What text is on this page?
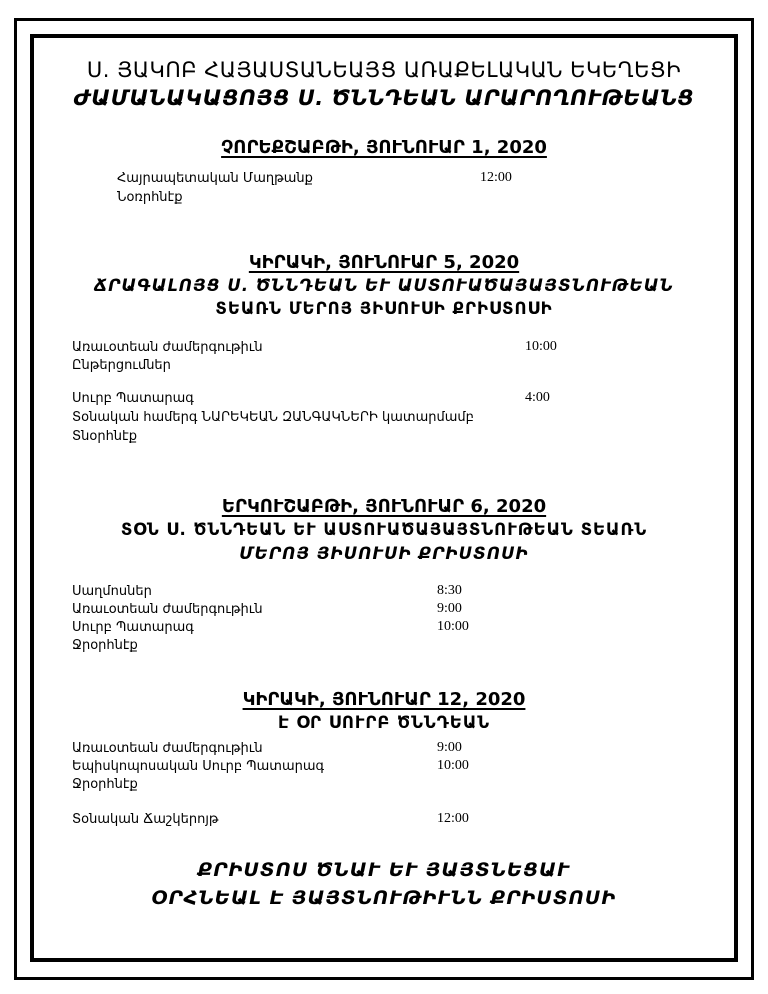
Ս. ՅԱԿՈԲ ՀԱՅԱՍՏԱՆԵԱՅՑ ԱՌԱՔԵԼԱԿԱՆ ԵԿԵՂԵՑԻ
ԺԱՄԱՆԱԿԱՑՈՅՑ Ս. ԾՆՆԴԵԱՆ ԱՐԱՐՈՂՈՒԹԵԱՆՑ
ՉՈՐԵՔՇԱԲԹԻ, ՅՈՒՆՈՒԱՐ 1, 2020
Հայրապետական Մաղթանք	12:00
Նօռրհնէք
ԿԻՐԱԿԻ, ՅՈՒՆՈՒԱՐ 5, 2020
ՃՐԱԳԱԼՈՅՑ Ս. ԾՆՆԴԵԱՆ ԵՒ ԱՍՏՈՒԱԾԱՅԱՅՏՆՈՒԹԵԱՆ
ՏԵԱՌՆ ՄԵՐՈՅ ՅԻՍՈՒՍԻ ՔՐԻՍՏՈՍԻ
Առաւօտեան ժամերգութիւն	10:00
Ընթերցումներ
Սուրբ Պատարագ	4:00
Տօնական համերգ ՆԱՐԵԿԵԱՆ ԶԱՆԳԱԿՆԵՐԻ կատարմամբ
Տնօրհնէք
ԵՐԿՈՒՇԱԲԹԻ, ՅՈՒՆՈՒԱՐ 6, 2020
ՏՕՆ Ս. ԾՆՆԴԵԱՆ ԵՒ ԱՍՏՈՒԱԾԱՅԱՅՏՆՈՒԹԵԱՆ ՏԵԱՌՆ
ՄԵՐՈՅ ՅԻՍՈՒՍԻ ՔՐԻՍՏՈՍԻ
Սաղմոսներ	8:30
Առաւօտեան ժամերգութիւն	9:00
Սուրբ Պատարագ	10:00
Ջրօրհնէք
ԿԻՐԱԿԻ, ՅՈՒՆՈՒԱՐ 12, 2020
Է ՕՐ ՍՈՒՐԲ ԾՆՆԴԵԱՆ
Առաւօտեան ժամերգութիւն	9:00
Եպիսկոպոսական Սուրբ Պատարագ	10:00
Ջրօրհնէք
Տօնական Ճաշկերոյթ	12:00
ՔՐԻՍՏՈՍ ԾՆԱՒ ԵՒ ՅԱՅՏՆԵՑԱՒ
ՕՐՀՆԵԱԼ Է ՅԱՅՏՆՈՒԹԻՒՆՆ ՔՐԻՍՏՈՍԻ
